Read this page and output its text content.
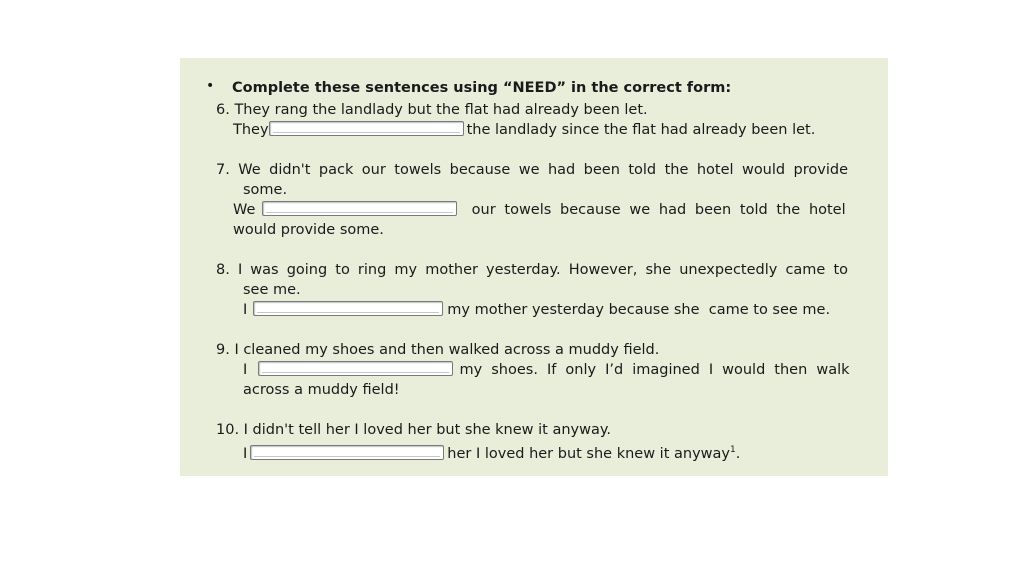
• Complete these sentences using “NEED” in the correct form:
6. They rang the landlady but the flat had already been let.
They	the landlady since the flat had already been let.
7. We didn't pack our towels because we had been told the hotel would provide
some.
We	our towels because we had been told the hotel
would provide some.
8. I was going to ring my mother yesterday. However, she unexpectedly came to
see me.
I	my mother yesterday because she  came to see me.
9. I cleaned my shoes and then walked across a muddy field.
I	my shoes. If only I’d imagined I would then walk
across a muddy field!
10. I didn't tell her I loved her but she knew it anyway.
I	her I loved her but she knew it anyway$^1$.
